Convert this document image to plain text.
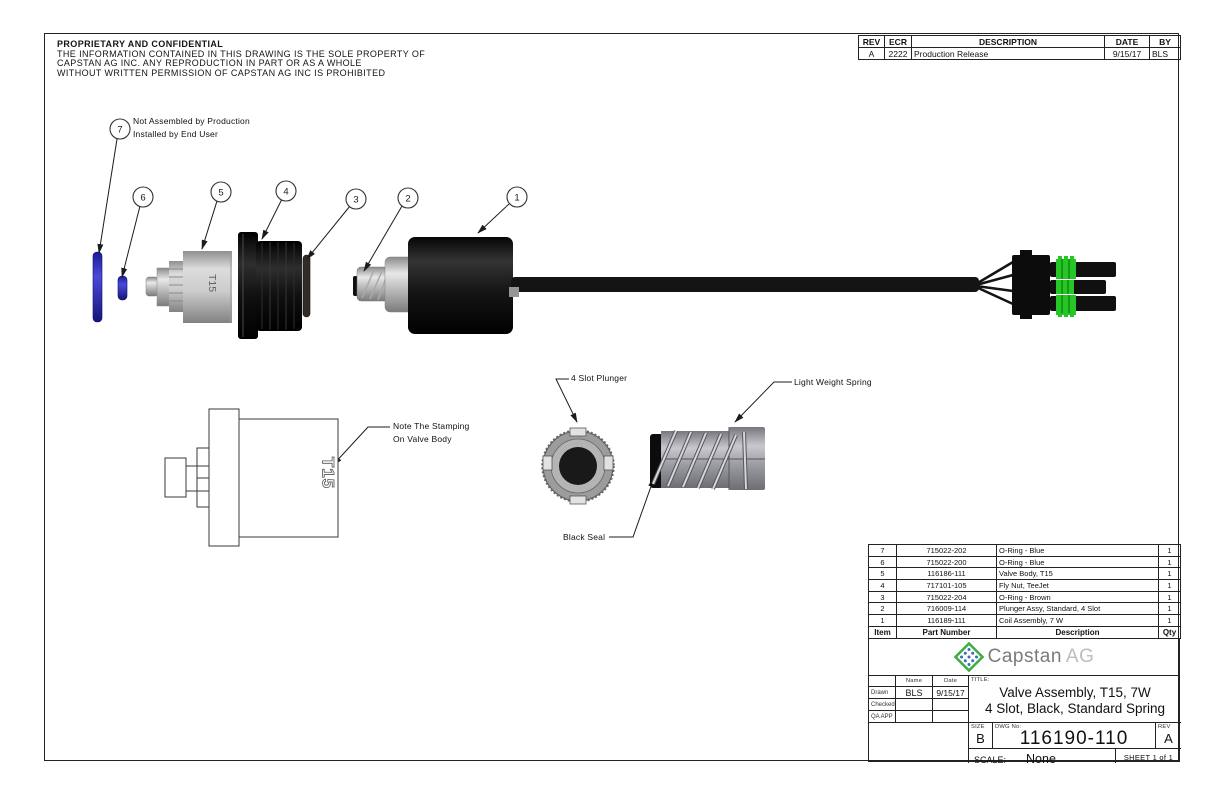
T15
7
6	5	4
3	2	1
T15
PROPRIETARY AND CONFIDENTIAL
THE INFORMATION CONTAINED IN THIS DRAWING IS THE SOLE PROPERTY OF
CAPSTAN AG INC. ANY REPRODUCTION IN PART OR AS A WHOLE
WITHOUT WRITTEN PERMISSION OF CAPSTAN AG INC IS PROHIBITED
REV	ECR	DESCRIPTION	DATE	BY
A	2222	Production Release	9/15/17	BLS
Not Assembled by Production
Installed by End User
Note The Stamping
On Valve Body
4 Slot Plunger	Light Weight Spring
Black Seal
7	715022-202	O-Ring - Blue	1
6	715022-200	O-Ring - Blue	1
5	116186-111	Valve Body, T15	1
4	717101-105	Fly Nut, TeeJet	1
3	715022-204	O-Ring - Brown	1
2	716009-114	Plunger Assy, Standard, 4 Slot	1
1	116189-111	Coil Assembly, 7 W	1
Item	Part Number	Description	Qty
Capstan AG
Name	Date
Drawn	BLS	9/15/17
Checked
QA APP
TITLE:
Valve Assembly, T15, 7W
4 Slot, Black, Standard Spring
SIZE
B
DWG No:
116190-110
REV
A
SCALE: None	SHEET 1 of 1
